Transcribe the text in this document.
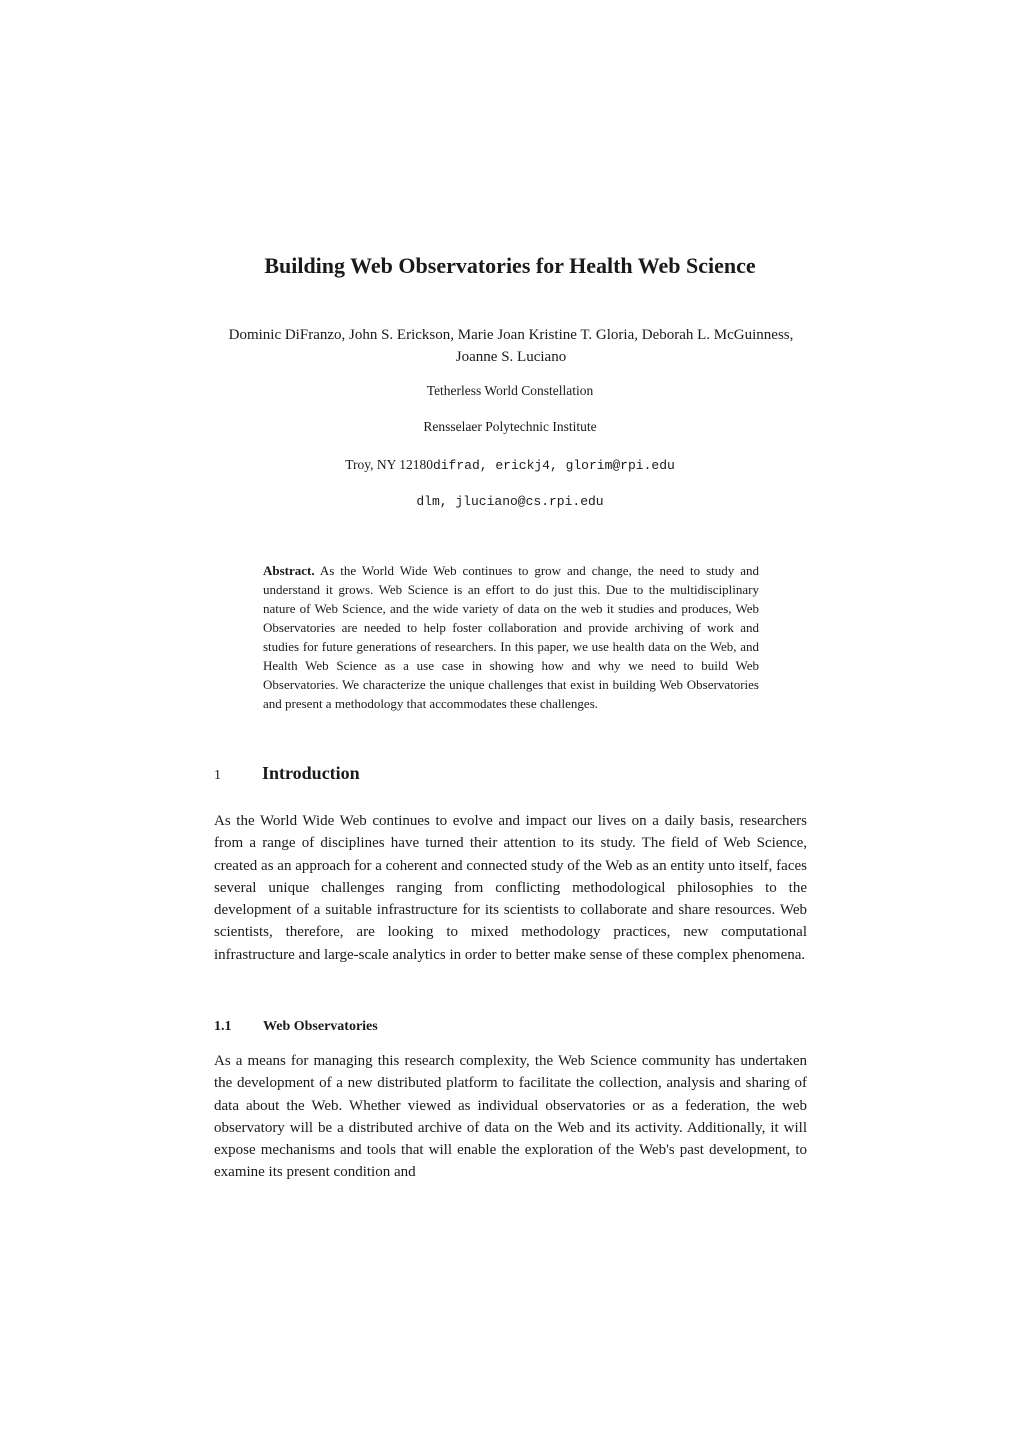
Building Web Observatories for Health Web Science

Dominic DiFranzo, John S. Erickson, Marie Joan Kristine T. Gloria, Deborah L. McGuinness, Joanne S. Luciano

Tetherless World Constellation

Rensselaer Polytechnic Institute

Troy, NY 12180difrad, erickj4, glorim@rpi.edu

dlm, jluciano@cs.rpi.edu

Abstract. As the World Wide Web continues to grow and change, the need to study and understand it grows. Web Science is an effort to do just this. Due to the multidisciplinary nature of Web Science, and the wide variety of data on the web it studies and produces, Web Observatories are needed to help foster collaboration and provide archiving of work and studies for future generations of researchers. In this paper, we use health data on the Web, and Health Web Science as a use case in showing how and why we need to build Web Observatories. We characterize the unique challenges that exist in building Web Observatories and present a methodology that accommodates these challenges.

1 Introduction

As the World Wide Web continues to evolve and impact our lives on a daily basis, researchers from a range of disciplines have turned their attention to its study. The field of Web Science, created as an approach for a coherent and connected study of the Web as an entity unto itself, faces several unique challenges ranging from conflicting methodological philosophies to the development of a suitable infrastructure for its scientists to collaborate and share resources. Web scientists, therefore, are looking to mixed methodology practices, new computational infrastructure and large-scale analytics in order to better make sense of these complex phenomena.

1.1 Web Observatories

As a means for managing this research complexity, the Web Science community has undertaken the development of a new distributed platform to facilitate the collection, analysis and sharing of data about the Web. Whether viewed as individual observatories or as a federation, the web observatory will be a distributed archive of data on the Web and its activity. Additionally, it will expose mechanisms and tools that will enable the exploration of the Web's past development, to examine its present condition and
